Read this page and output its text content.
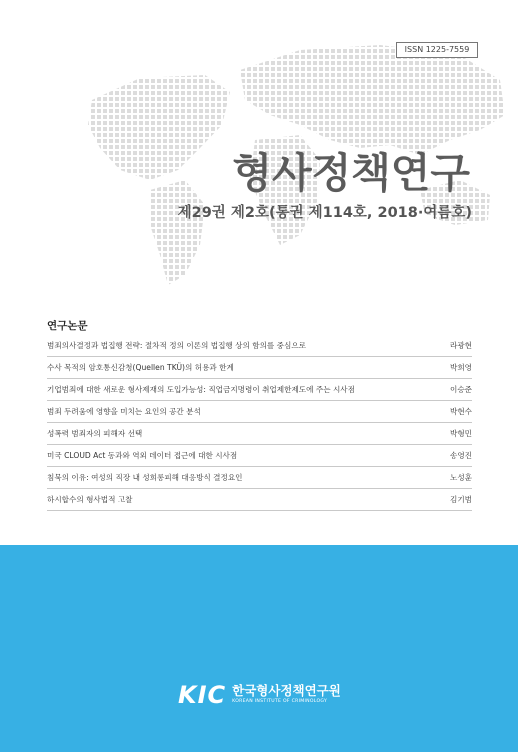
ISSN 1225-7559
형사정책연구
제29권 제2호(통권 제114호, 2018·여름호)
연구논문
범죄의사결정과 법집행 전략: 절차적 정의 이론의 법집행 상의 함의를 중심으로	라광현
수사 목적의 암호통신감청(Quellen TKÜ)의 허용과 한계	박희영
기업범죄에 대한 새로운 형사제재의 도입가능성: 직업금지명령이 취업제한제도에 주는 시사점	이승준
범죄 두려움에 영향을 미치는 요인의 공간 분석	박현수
성폭력 범죄자의 피해자 선택	박형민
미국 CLOUD Act 동과와 역외 데이터 접근에 대한 시사점	송영진
침묵의 이유: 여성의 직장 내 성희롱피해 대응방식 결정요인	노성훈
하시합수의 형사법적 고찰	김기범
KIC 한국형사정책연구원
KOREAN INSTITUTE OF CRIMINOLOGY
